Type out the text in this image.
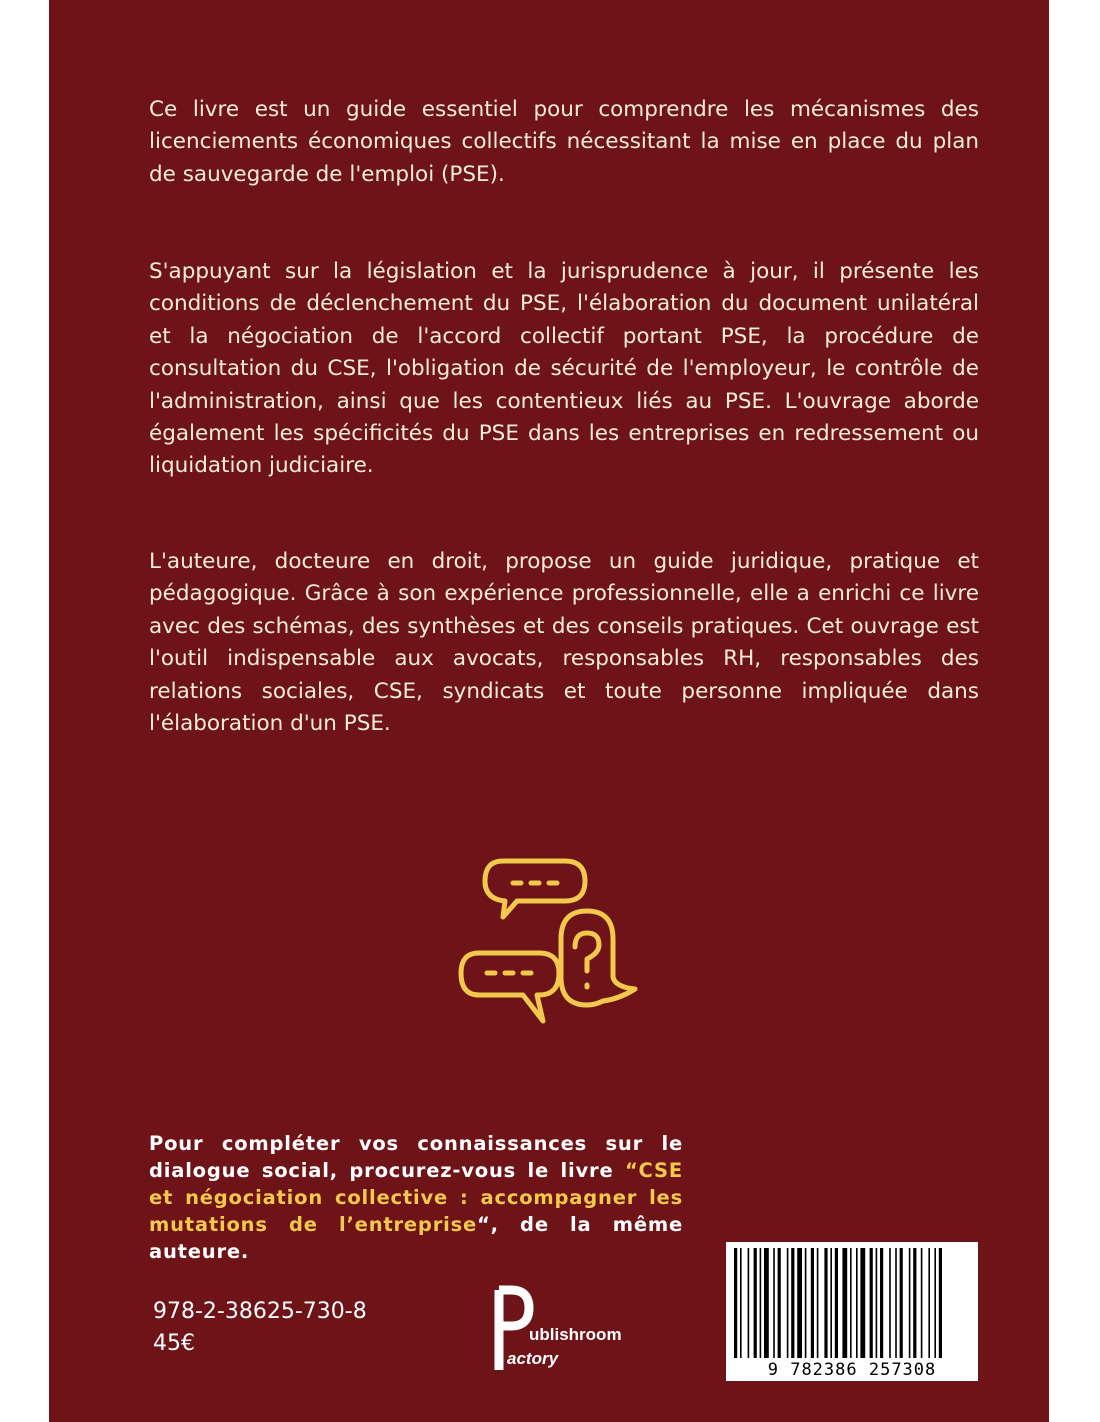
Ce livre est un guide essentiel pour comprendre les mécanismes des licenciements économiques collectifs nécessitant la mise en place du plan de sauvegarde de l'emploi (PSE).

S'appuyant sur la législation et la jurisprudence à jour, il présente les conditions de déclenchement du PSE, l'élaboration du document unilatéral et la négociation de l'accord collectif portant PSE, la procédure de consultation du CSE, l'obligation de sécurité de l'employeur, le contrôle de l'administration, ainsi que les contentieux liés au PSE. L'ouvrage aborde également les spécificités du PSE dans les entreprises en redressement ou liquidation judiciaire.

L'auteure, docteure en droit, propose un guide juridique, pratique et pédagogique. Grâce à son expérience professionnelle, elle a enrichi ce livre avec des schémas, des synthèses et des conseils pratiques. Cet ouvrage est l'outil indispensable aux avocats, responsables RH, responsables des relations sociales, CSE, syndicats et toute personne impliquée dans l'élaboration d'un PSE.

Pour compléter vos connaissances sur le dialogue social, procurez-vous le livre “CSE et négociation collective : accompagner les mutations de l’entreprise“, de la même auteure.

978-2-38625-730-8
45€	ublishroom
actory
9 782386 257308
